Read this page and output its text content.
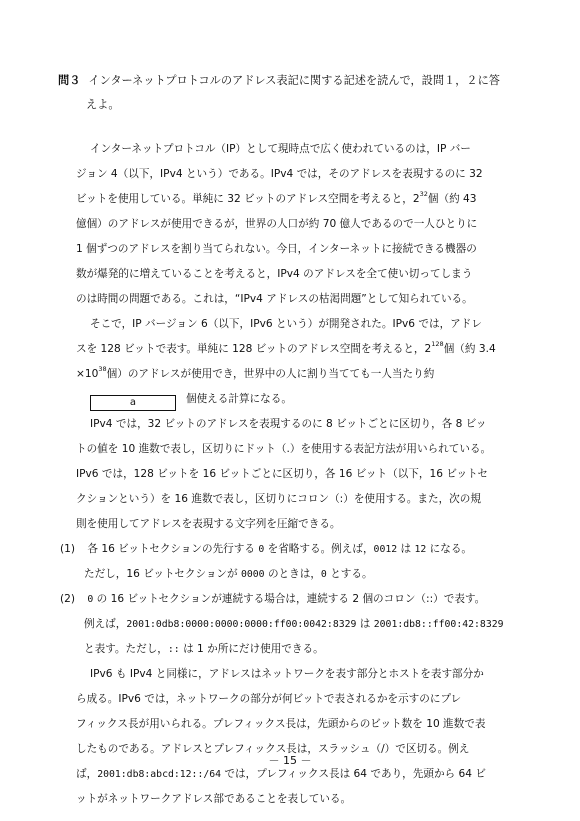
問３ インターネットプロトコルのアドレス表記に関する記述を読んで，設問１，２に答
えよ。
インターネットプロトコル（IP）として現時点で広く使われているのは，IP バー
ジョン 4（以下，IPv4 という）である。IPv4 では，そのアドレスを表現するのに 32
ビットを使用している。単純に 32 ビットのアドレス空間を考えると，$2^{32}$個（約 43
億個）のアドレスが使用できるが，世界の人口が約 70 億人であるので一人ひとりに
1 個ずつのアドレスを割り当てられない。今日，インターネットに接続できる機器の
数が爆発的に増えていることを考えると，IPv4 のアドレスを全て使い切ってしまう
のは時間の問題である。これは，“IPv4 アドレスの枯渇問題”として知られている。
そこで，IP バージョン 6（以下，IPv6 という）が開発された。IPv6 では，アドレ
スを 128 ビットで表す。単純に 128 ビットのアドレス空間を考えると，$2^{128}$個（約 3.4
$\times 10^{38}$個）のアドレスが使用でき，世界中の人に割り当てても一人当たり約
a	個使える計算になる。
IPv4 では，32 ビットのアドレスを表現するのに 8 ビットごとに区切り，各 8 ビッ
トの値を 10 進数で表し，区切りにドット（.）を使用する表記方法が用いられている。
IPv6 では，128 ビットを 16 ビットごとに区切り，各 16 ビット（以下，16 ビットセ
クションという）を 16 進数で表し，区切りにコロン（:）を使用する。また，次の規
則を使用してアドレスを表現する文字列を圧縮できる。
(1) 各 16 ビットセクションの先行する 0 を省略する。例えば，0012 は 12 になる。
ただし，16 ビットセクションが 0000 のときは，0 とする。
(2) 0 の 16 ビットセクションが連続する場合は，連続する 2 個のコロン（::）で表す。
例えば，2001:0db8:0000:0000:0000:ff00:0042:8329 は 2001:db8::ff00:42:8329
と表す。ただし，:: は 1 か所にだけ使用できる。
IPv6 も IPv4 と同様に，アドレスはネットワークを表す部分とホストを表す部分か
ら成る。IPv6 では，ネットワークの部分が何ビットで表されるかを示すのにプレ
フィックス長が用いられる。プレフィックス長は，先頭からのビット数を 10 進数で表
したものである。アドレスとプレフィックス長は，スラッシュ（/）で区切る。例え
ば，2001:db8:abcd:12::/64 では，プレフィックス長は 64 であり，先頭から 64 ビ
ットがネットワークアドレス部であることを表している。
－ 15 －
